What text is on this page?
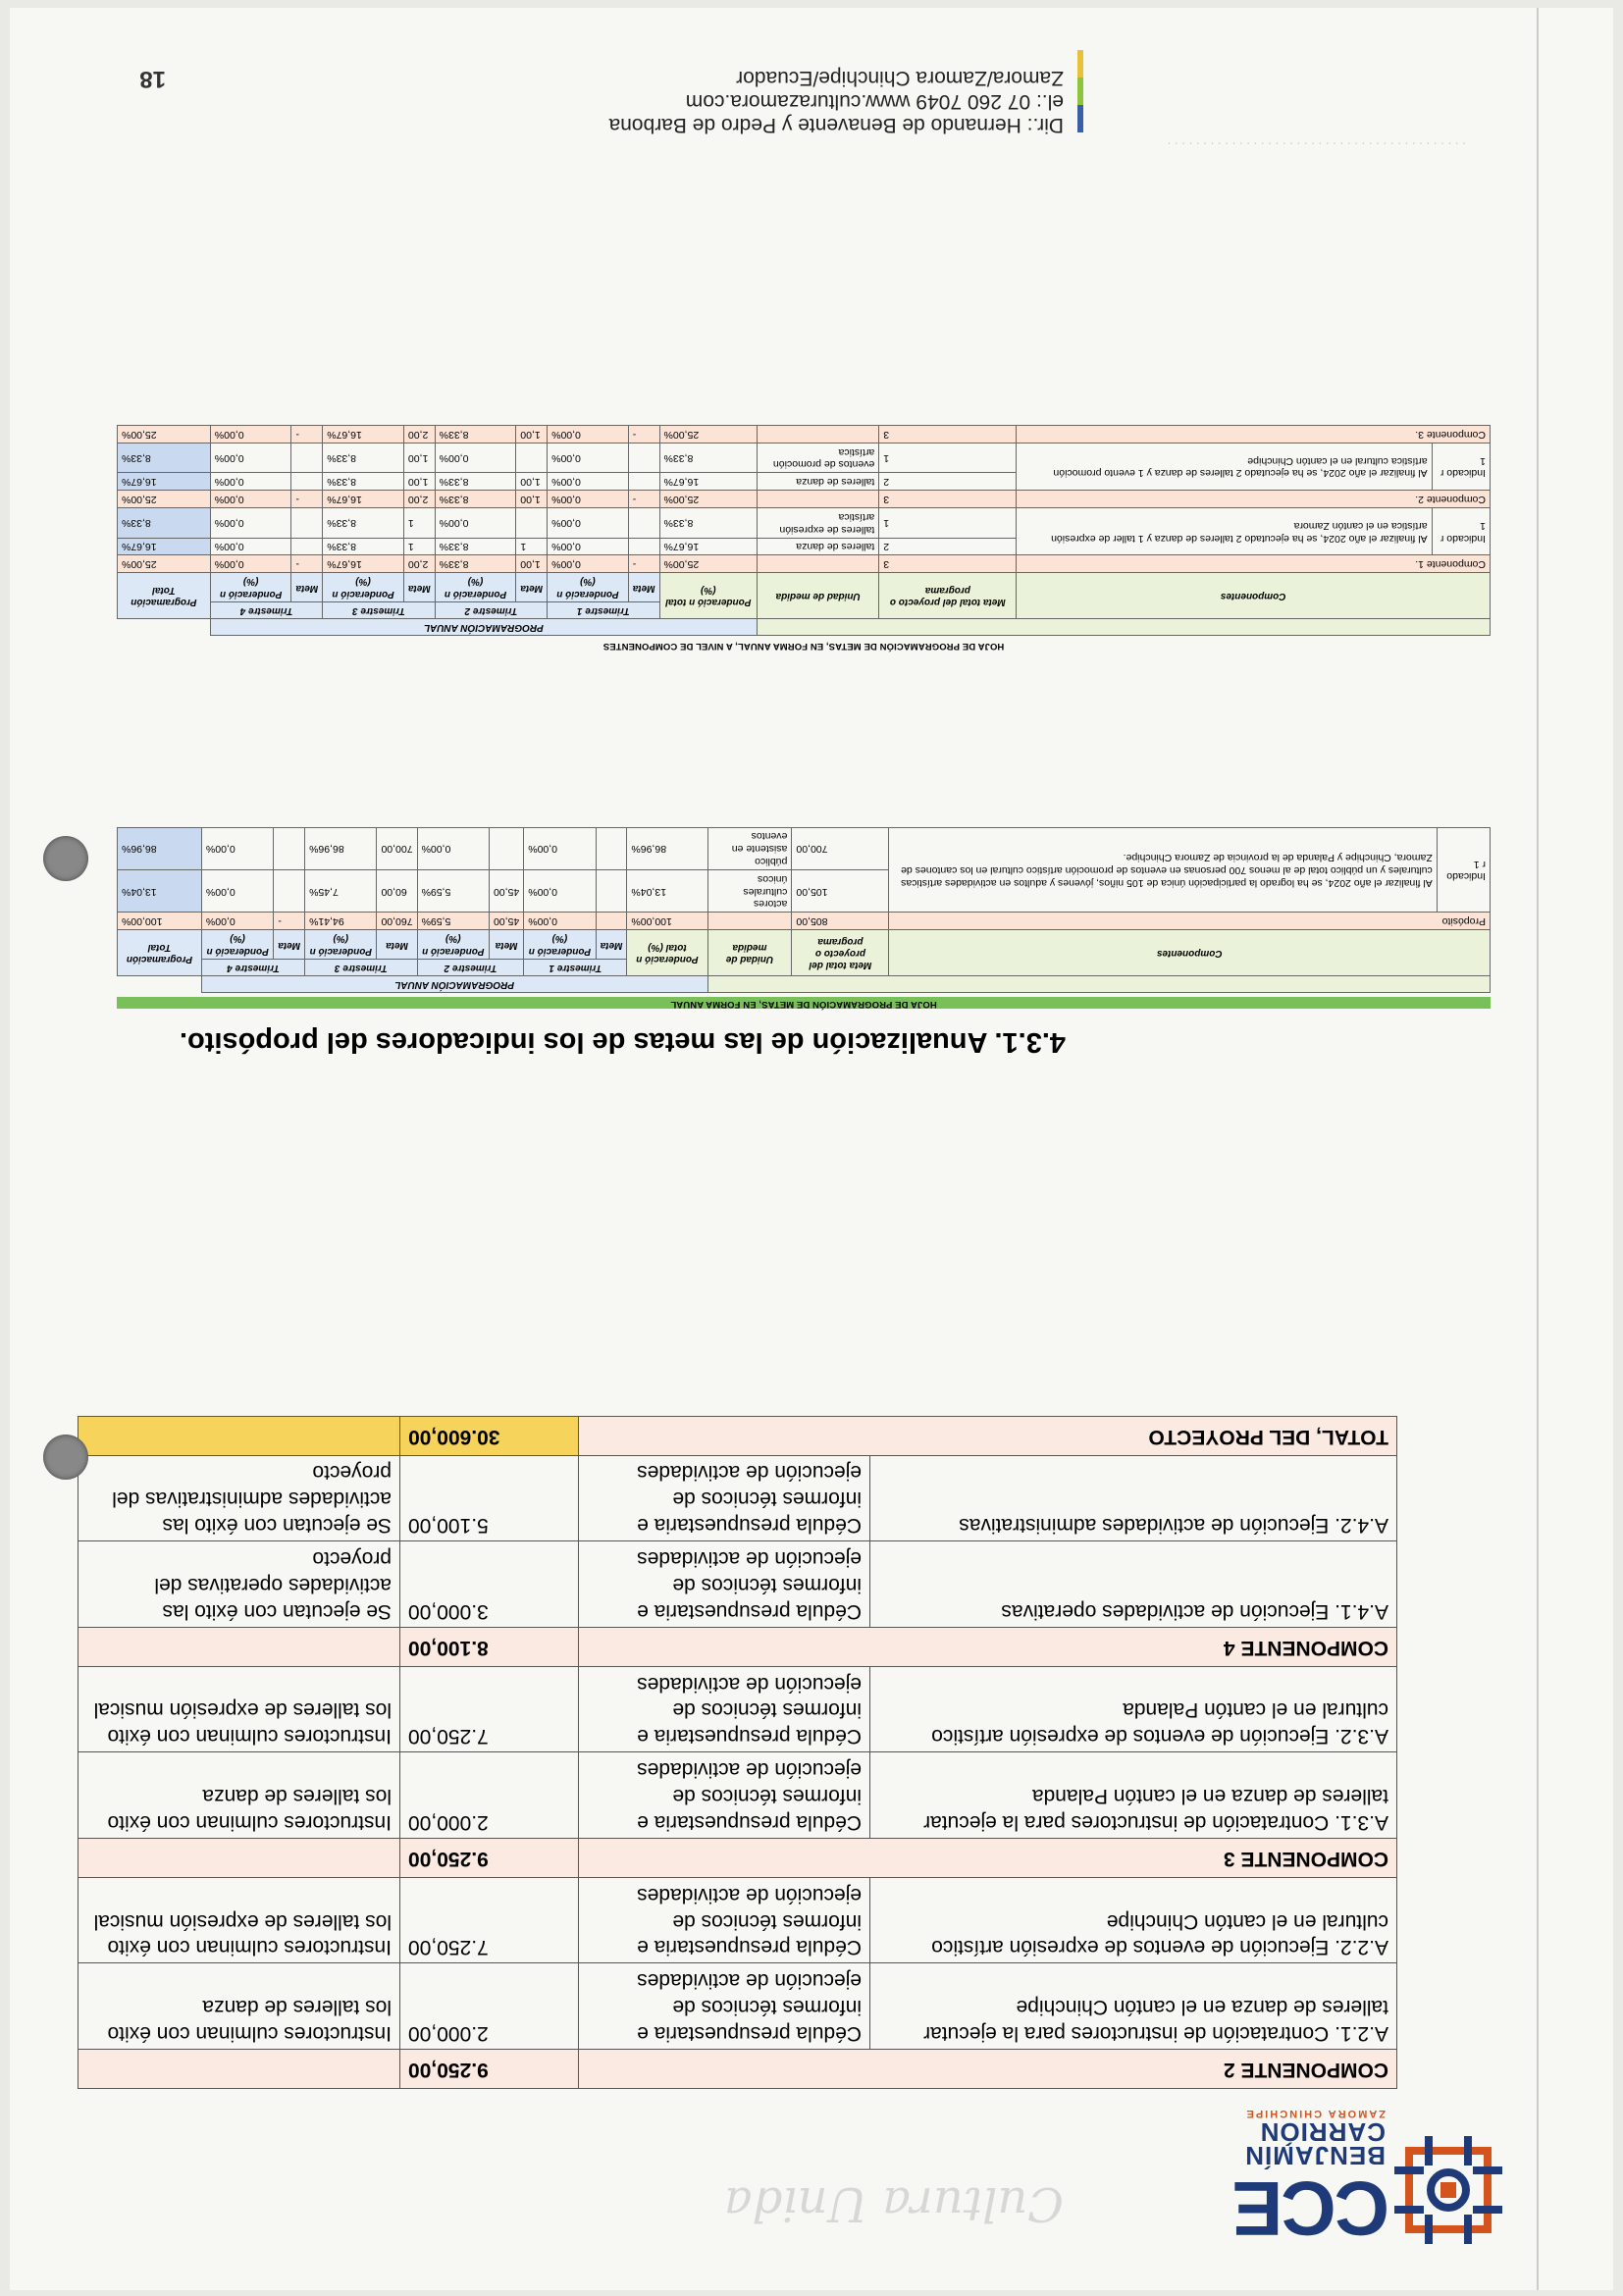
CCE
BENJAMÍN
CARRIÓN
ZAMORA CHINCHIPE
Cultura Unida
COMPONENTE 2		9.250,00	
A.2.1. Contratación de instructores para la ejecutar talleres de danza en el cantón Chinchipe	Cédula presupuestaria e informes técnicos de ejecución de actividades	2.000,00	Instructores culminan con éxito los talleres de danza
A.2.2. Ejecución de eventos de expresión artístico cultural en el cantón Chinchipe	Cédula presupuestaria e informes técnicos de ejecución de actividades	7.250,00	Instructores culminan con éxito los talleres de expresión musical
COMPONENTE 3		9.250,00	
A.3.1. Contratación de instructores para la ejecutar talleres de danza en el cantón Palanda	Cédula presupuestaria e informes técnicos de ejecución de actividades	2.000,00	Instructores culminan con éxito los talleres de danza
A.3.2. Ejecución de eventos de expresión artístico cultural en el cantón Palanda	Cédula presupuestaria e informes técnicos de ejecución de actividades	7.250,00	Instructores culminan con éxito los talleres de expresión musical
COMPONENTE 4		8.100,00	
A.4.1. Ejecución de actividades operativas	Cédula presupuestaria e informes técnicos de ejecución de actividades	3.000,00	Se ejecutan con éxito las actividades operativas del proyecto
A.4.2. Ejecución de actividades administrativas	Cédula presupuestaria e informes técnicos de ejecución de actividades	5.100,00	Se ejecutan con éxito las actividades administrativas del proyecto
TOTAL, DEL PROYECTO		30.600,00	
4.3.1. Anualización de las metas de los indicadores del propósito.
HOJA DE PROGRAMACIÓN DE METAS, EN FORMA ANUAL
				PROGRAMACIÓN ANUAL									
Componentes		Meta total del proyecto o programa	Unidad de medida	Ponderació n total (%)	Trimestre 1		Trimestre 2		Trimestre 3		Trimestre 4		Programación Total
					Meta	Ponderació n (%)	Meta	Ponderació n (%)	Meta	Ponderació n (%)	Meta	Ponderació n (%)	
Propósito		805,00		100,00%		0,00%	45,00	5,59%	760,00	94,41%	-	0,00%	100,00%
Indicado r 1	Al finalizar el año 2024, se ha logrado la participación única de 105 niños, jóvenes y adultos en actividades artísticas culturales y un público total de al menos 700 personas en eventos de promoción artístico cultural en los cantones de Zamora, Chinchipe y Palanda de la provincia de Zamora Chinchipe.	105,00	actores culturales únicos	13,04%		0,00%	45,00	5,59%	60,00	7,45%		0,00%	13,04%
		700,00	público asistente en eventos	86,96%		0,00%		0,00%	700,00	86,96%		0,00%	86,96%
HOJA DE PROGRAMACIÓN DE METAS, EN FORMA ANUAL, A NIVEL DE COMPONENTES
				PROGRAMACIÓN ANUAL									
Componentes		Meta total del proyecto o programa	Unidad de medida	Ponderació n total (%)	Trimestre 1		Trimestre 2		Trimestre 3		Trimestre 4		Programación Total
					Meta	Ponderació n (%)	Meta	Ponderació n (%)	Meta	Ponderació n (%)	Meta	Ponderació n (%)	
Componente 1.		3		25,00%	-	0,00%	1,00	8,33%	2,00	16,67%	-	0,00%	25,00%
Indicado r 1	Al finalizar el año 2024, se ha ejecutado 2 talleres de danza y 1 taller de expresión artística en el cantón Zamora	2	talleres de danza	16,67%		0,00%	1	8,33%	1	8,33%		0,00%	16,67%
		1	talleres de expresión artística	8,33%		0,00%		0,00%	1	8,33%		0,00%	8,33%
Componente 2.		3		25,00%	-	0,00%	1,00	8,33%	2,00	16,67%	-	0,00%	25,00%
Indicado r 1	Al finalizar el año 2024, se ha ejecutado 2 talleres de danza y 1 evento promoción artística cultural en el cantón Chinchipe	2	talleres de danza	16,67%		0,00%	1,00	8,33%	1,00	8,33%		0,00%	16,67%
		1	eventos de promoción artística	8,33%		0,00%		0,00%	1,00	8,33%		0,00%	8,33%
Componente 3.		3		25,00%	-	0,00%	1,00	8,33%	2,00	16,67%	-	0,00%	25,00%
· · · · · · · · · · · · · · · · · · · · · · · · · · · · · · · · · · · · · · · · · ·
Dir.: Hernando de Benavente y Pedro de Barbona
el.: 07 260 7049 www.culturazamora.com
Zamora/Zamora Chinchipe/Ecuador
18
